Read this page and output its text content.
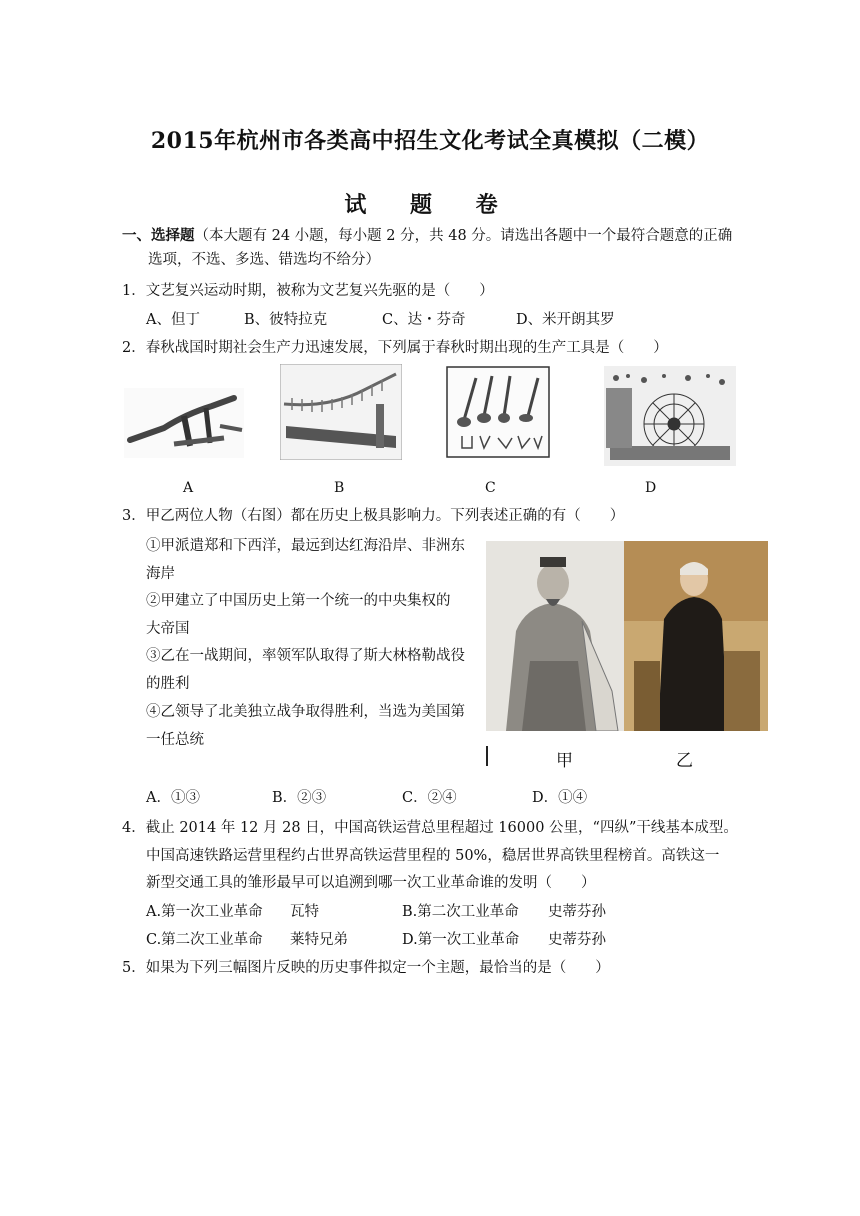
2015年杭州市各类高中招生文化考试全真模拟（二模）
试 题 卷
一、选择题（本大题有 24 小题，每小题 2 分，共 48 分。请选出各题中一个最符合题意的正确
选项，不选、多选、错选均不给分）
1．文艺复兴运动时期，被称为文艺复兴先驱的是（　　）
A、但丁	B、彼特拉克	C、达・芬奇	D、米开朗其罗
2．春秋战国时期社会生产力迅速发展，下列属于春秋时期出现的生产工具是（　　）
A	B	C	D
3．甲乙两位人物（右图）都在历史上极具影响力。下列表述正确的有（　　）
①甲派遣郑和下西洋，最远到达红海沿岸、非洲东
海岸
②甲建立了中国历史上第一个统一的中央集权的
大帝国
③乙在一战期间，率领军队取得了斯大林格勒战役
的胜利
④乙领导了北美独立战争取得胜利，当选为美国第
一任总统
甲	乙
A．①③	B．②③	C．②④	D．①④
4．截止 2014 年 12 月 28 日，中国高铁运营总里程超过 16000 公里，“四纵”干线基本成型。
中国高速铁路运营里程约占世界高铁运营里程的 50%，稳居世界高铁里程榜首。高铁这一
新型交通工具的雏形最早可以追溯到哪一次工业革命谁的发明（　　）
A.第一次工业革命 瓦特	B.第二次工业革命 史蒂芬孙
C.第二次工业革命 莱特兄弟	D.第一次工业革命 史蒂芬孙
5．如果为下列三幅图片反映的历史事件拟定一个主题，最恰当的是（　　）
